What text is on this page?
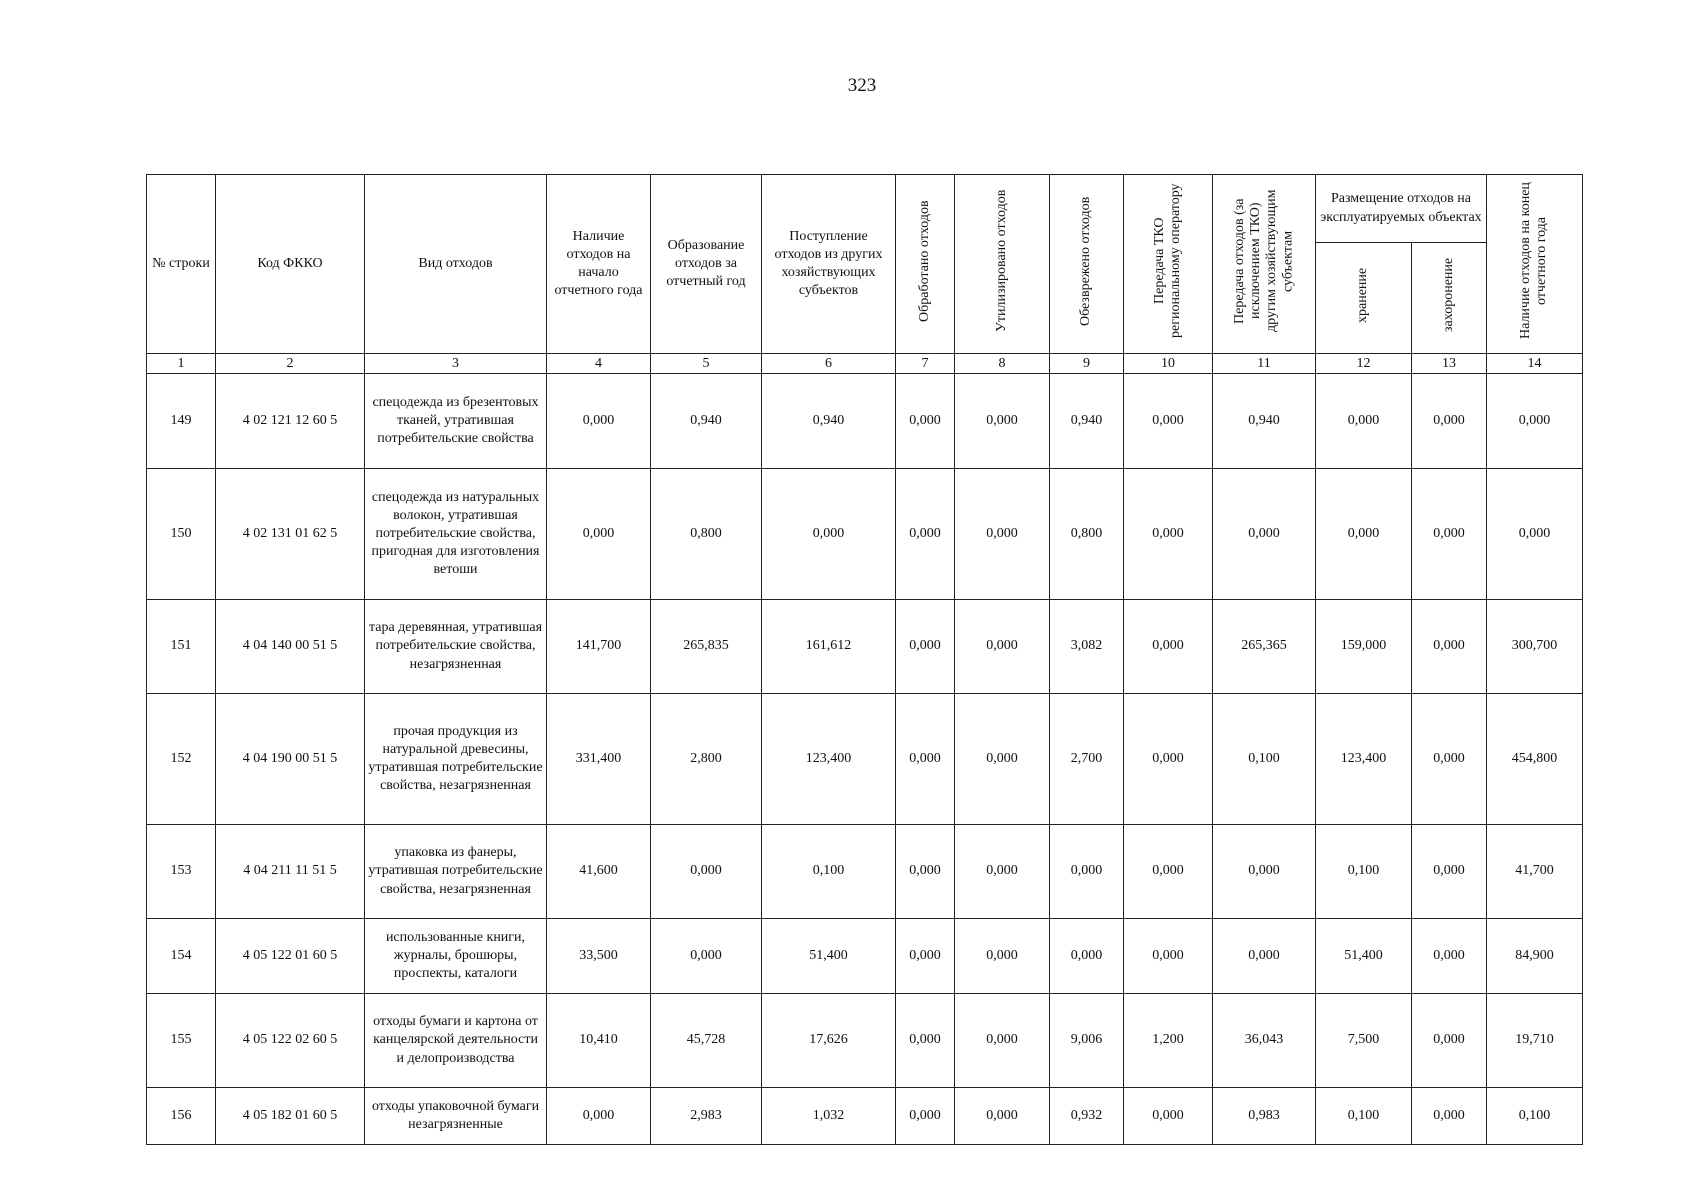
323
№ строки	Код ФККО	Вид отходов	Наличие отходов на начало отчетного года	Образование отходов за отчетный год	Поступление отходов из других хозяйствующих субъектов	Обработано отходов	Утилизировано отходов	Обезврежено отходов	Передача ТКО региональному оператору	Передача отходов (за исключением ТКО) другим хозяйствующим субъектам	Размещение отходов на эксплуатируемых объектах		Наличие отходов на конец отчетного года
											хранение	захоронение	
1	2	3	4	5	6	7	8	9	10	11	12	13	14
149	4 02 121 12 60 5	спецодежда из брезентовых тканей, утратившая потребительские свойства	0,000	0,940	0,940	0,000	0,000	0,940	0,000	0,940	0,000	0,000	0,000
150	4 02 131 01 62 5	спецодежда из натуральных волокон, утратившая потребительские свойства, пригодная для изготовления ветоши	0,000	0,800	0,000	0,000	0,000	0,800	0,000	0,000	0,000	0,000	0,000
151	4 04 140 00 51 5	тара деревянная, утратившая потребительские свойства, незагрязненная	141,700	265,835	161,612	0,000	0,000	3,082	0,000	265,365	159,000	0,000	300,700
152	4 04 190 00 51 5	прочая продукция из натуральной древесины, утратившая потребительские свойства, незагрязненная	331,400	2,800	123,400	0,000	0,000	2,700	0,000	0,100	123,400	0,000	454,800
153	4 04 211 11 51 5	упаковка из фанеры, утратившая потребительские свойства, незагрязненная	41,600	0,000	0,100	0,000	0,000	0,000	0,000	0,000	0,100	0,000	41,700
154	4 05 122 01 60 5	использованные книги, журналы, брошюры, проспекты, каталоги	33,500	0,000	51,400	0,000	0,000	0,000	0,000	0,000	51,400	0,000	84,900
155	4 05 122 02 60 5	отходы бумаги и картона от канцелярской деятельности и делопроизводства	10,410	45,728	17,626	0,000	0,000	9,006	1,200	36,043	7,500	0,000	19,710
156	4 05 182 01 60 5	отходы упаковочной бумаги незагрязненные	0,000	2,983	1,032	0,000	0,000	0,932	0,000	0,983	0,100	0,000	0,100
